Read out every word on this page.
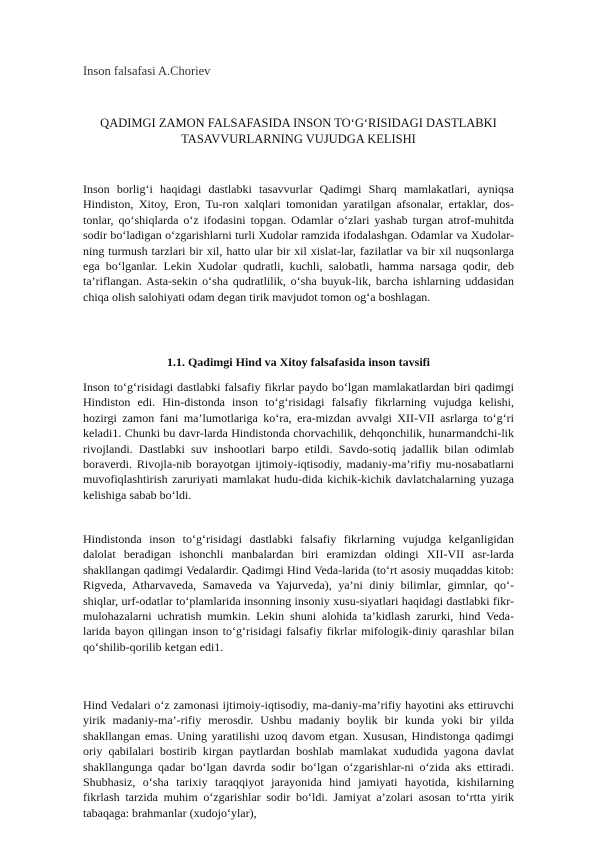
Inson falsafasi A.Choriev
QADIMGI ZAMON FALSAFASIDA INSON TO‘G‘RISIDAGI DASTLABKI TASAVVURLARNING VUJUDGA KELISHI

Inson borlig‘i haqidagi dastlabki tasavvurlar Qadimgi Sharq mamlakatlari, ayniqsa Hindiston, Xitoy, Eron, Tu-ron xalqlari tomonidan yaratilgan afsonalar, ertaklar, dos-tonlar, qo‘shiqlarda o‘z ifodasini topgan. Odamlar o‘zlari yashab turgan atrof-muhitda sodir bo‘ladigan o‘zgarishlarni turli Xudolar ramzida ifodalashgan. Odamlar va Xudolar-ning turmush tarzlari bir xil, hatto ular bir xil xislat-lar, fazilatlar va bir xil nuqsonlarga ega bo‘lganlar. Lekin Xudolar qudratli, kuchli, salobatli, hamma narsaga qodir, deb ta’riflangan. Asta-sekin o‘sha qudratlilik, o‘sha buyuk-lik, barcha ishlarning uddasidan chiqa olish salohiyati odam degan tirik mavjudot tomon og‘a boshlagan.

1.1. Qadimgi Hind va Xitoy falsafasida inson tavsifi

Inson to‘g‘risidagi dastlabki falsafiy fikrlar paydo bo‘lgan mamlakatlardan biri qadimgi Hindiston edi. Hin-distonda inson to‘g‘risidagi falsafiy fikrlarning vujudga kelishi, hozirgi zamon fani ma’lumotlariga ko‘ra, era-mizdan avvalgi XII-VII asrlarga to‘g‘ri keladi1. Chunki bu davr-larda Hindistonda chorvachilik, dehqonchilik, hunarmandchi-lik rivojlandi. Dastlabki suv inshootlari barpo etildi. Savdo-sotiq jadallik bilan odimlab boraverdi. Rivojla-nib borayotgan ijtimoiy-iqtisodiy, madaniy-ma’rifiy mu-nosabatlarni muvofiqlashtirish zaruriyati mamlakat hudu-dida kichik-kichik davlatchalarning yuzaga kelishiga sabab bo‘ldi.

Hindistonda inson to‘g‘risidagi dastlabki falsafiy fikrlarning vujudga kelganligidan dalolat beradigan ishonchli manbalardan biri eramizdan oldingi XII-VII asr-larda shakllangan qadimgi Vedalardir. Qadimgi Hind Veda-larida (to‘rt asosiy muqaddas kitob: Rigveda, Atharvaveda, Samaveda va Yajurveda), ya’ni diniy bilimlar, gimnlar, qo‘-shiqlar, urf-odatlar to‘plamlarida insonning insoniy xusu-siyatlari haqidagi dastlabki fikr-mulohazalarni uchratish mumkin. Lekin shuni alohida ta’kidlash zarurki, hind Veda-larida bayon qilingan inson to‘g‘risidagi falsafiy fikrlar mifologik-diniy qarashlar bilan qo‘shilib-qorilib ketgan edi1.

Hind Vedalari o‘z zamonasi ijtimoiy-iqtisodiy, ma-daniy-ma’rifiy hayotini aks ettiruvchi yirik madaniy-ma’-rifiy merosdir. Ushbu madaniy boylik bir kunda yoki bir yilda shakllangan emas. Uning yaratilishi uzoq davom etgan. Xususan, Hindistonga qadimgi oriy qabilalari bostirib kirgan paytlardan boshlab mamlakat xududida yagona davlat shakllangunga qadar bo‘lgan davrda sodir bo‘lgan o‘zgarishlar-ni o‘zida aks ettiradi. Shubhasiz, o‘sha tarixiy taraqqiyot jarayonida hind jamiyati hayotida, kishilarning fikrlash tarzida muhim o‘zgarishlar sodir bo‘ldi. Jamiyat a’zolari asosan to‘rtta yirik tabaqaga: brahmanlar (xudojo‘ylar),
